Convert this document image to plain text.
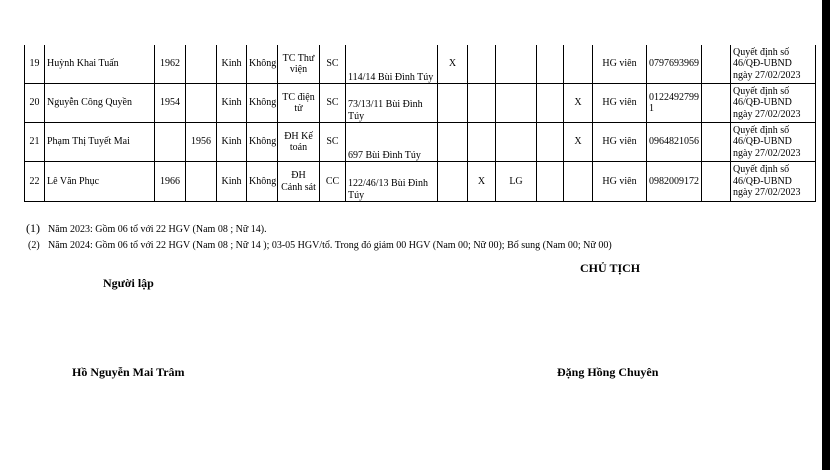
19	Huỳnh Khai Tuấn	1962		Kinh	Không	TC Thư viện	SC	114/14 Bùi Đình Túy	X					HG viên	0797693969		Quyết định số 46/QĐ-UBND ngày 27/02/2023
20	Nguyễn Công Quyền	1954		Kinh	Không	TC điện tử	SC	73/13/11 Bùi Đình Túy					X	HG viên	01224927991		Quyết định số 46/QĐ-UBND ngày 27/02/2023
21	Phạm Thị Tuyết Mai		1956	Kinh	Không	ĐH Kế toán	SC	697 Bùi Đình Túy					X	HG viên	0964821056		Quyết định số 46/QĐ-UBND ngày 27/02/2023
22	Lê Văn Phục	1966		Kinh	Không	ĐH Cảnh sát	CC	122/46/13 Bùi Đình Túy		X	LG			HG viên	0982009172		Quyết định số 46/QĐ-UBND ngày 27/02/2023
(1) Năm 2023: Gồm 06 tổ với 22 HGV (Nam 08 ; Nữ 14).
(2) Năm 2024: Gồm 06 tổ với 22 HGV (Nam 08 ; Nữ 14 ); 03-05 HGV/tổ. Trong đó giảm 00 HGV (Nam 00; Nữ 00); Bổ sung (Nam 00; Nữ 00)
CHỦ TỊCH
Người lập
Hồ Nguyễn Mai Trâm	Đặng Hồng Chuyên
